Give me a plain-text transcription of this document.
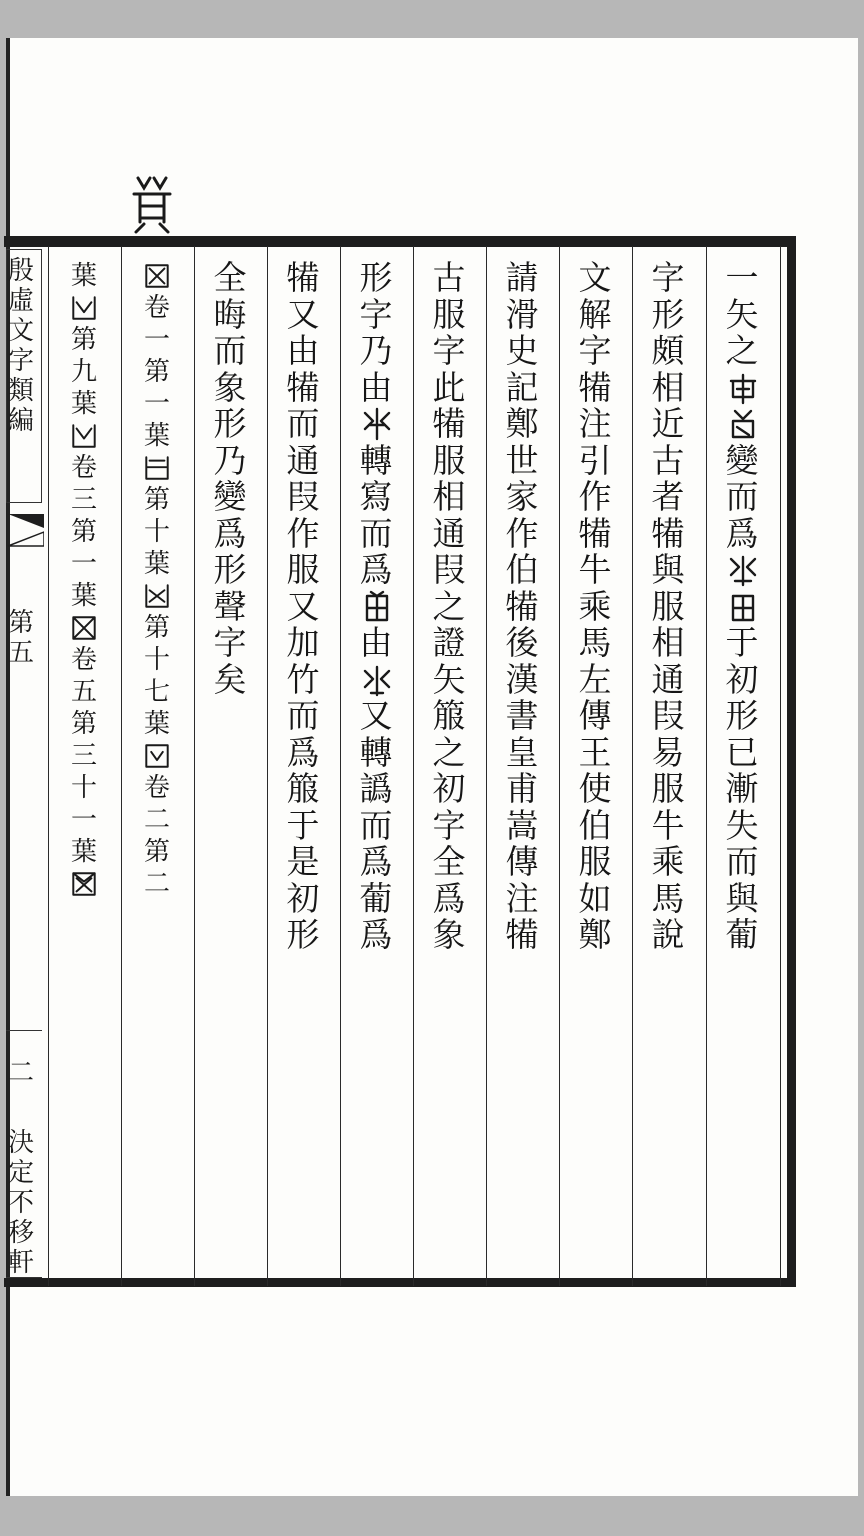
一
矢
之
變
而
爲
于
初
形
已
漸
失
而
與
葡
字
形
頗
相
近
古
者
犕
與
服
相
通
叚
易
服
牛
乘
馬
說
文
解
字
犕
注
引
作
犕
牛
乘
馬
左
傳
王
使
伯
服
如
鄭
請
滑
史
記
鄭
世
家
作
伯
犕
後
漢
書
皇
甫
嵩
傳
注
犕
古
服
字
此
犕
服
相
通
叚
之
證
矢
箙
之
初
字
全
爲
象
形
字
乃
由
轉
寫
而
爲
由
又
轉
譌
而
爲
葡
爲
犕
又
由
犕
而
通
叚
作
服
又
加
竹
而
爲
箙
于
是
初
形
全
晦
而
象
形
乃
變
爲
形
聲
字
矣
卷
一
第
一
葉
第
十
葉
第
十
七
葉
卷
二
第
二
葉
第
九
葉
卷
三
第
一
葉
卷
五
第
三
十
一
葉
殷
虛
文
字
類
編
第
五
二
決
定
不
移
軒
